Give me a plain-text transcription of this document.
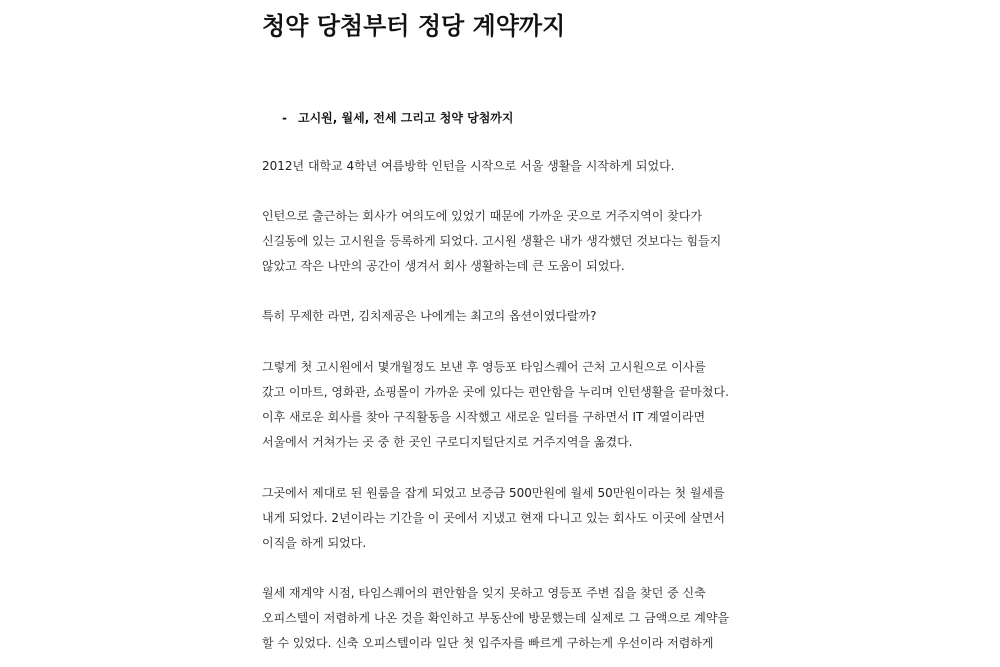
청약 당첨부터 정당 계약까지
- 고시원, 월세, 전세 그리고 청약 당첨까지
2012년 대학교 4학년 여름방학 인턴을 시작으로 서울 생활을 시작하게 되었다.
인턴으로 출근하는 회사가 여의도에 있었기 때문에 가까운 곳으로 거주지역이 찾다가
신길동에 있는 고시원을 등록하게 되었다. 고시원 생활은 내가 생각했던 것보다는 힘들지
않았고 작은 나만의 공간이 생겨서 회사 생활하는데 큰 도움이 되었다.
특히 무제한 라면, 김치제공은 나에게는 최고의 옵션이였다랄까?
그렇게 첫 고시원에서 몇개월정도 보낸 후 영등포 타임스퀘어 근처 고시원으로 이사를
갔고 이마트, 영화관, 쇼핑몰이 가까운 곳에 있다는 편안함을 누리며 인턴생활을 끝마쳤다.
이후 새로운 회사를 찾아 구직활동을 시작했고 새로운 일터를 구하면서 IT 계열이라면
서울에서 거쳐가는 곳 중 한 곳인 구로디지털단지로 거주지역을 옮겼다.
그곳에서 제대로 된 원룸을 잡게 되었고 보증금 500만원에 월세 50만원이라는 첫 월세를
내게 되었다. 2년이라는 기간을 이 곳에서 지냈고 현재 다니고 있는 회사도 이곳에 살면서
이직을 하게 되었다.
월세 재계약 시점, 타임스퀘어의 편안함을 잊지 못하고 영등포 주변 집을 찾던 중 신축
오피스텔이 저렴하게 나온 것을 확인하고 부동산에 방문했는데 실제로 그 금액으로 계약을
할 수 있었다. 신축 오피스텔이라 일단 첫 입주자를 빠르게 구하는게 우선이라 저렴하게
